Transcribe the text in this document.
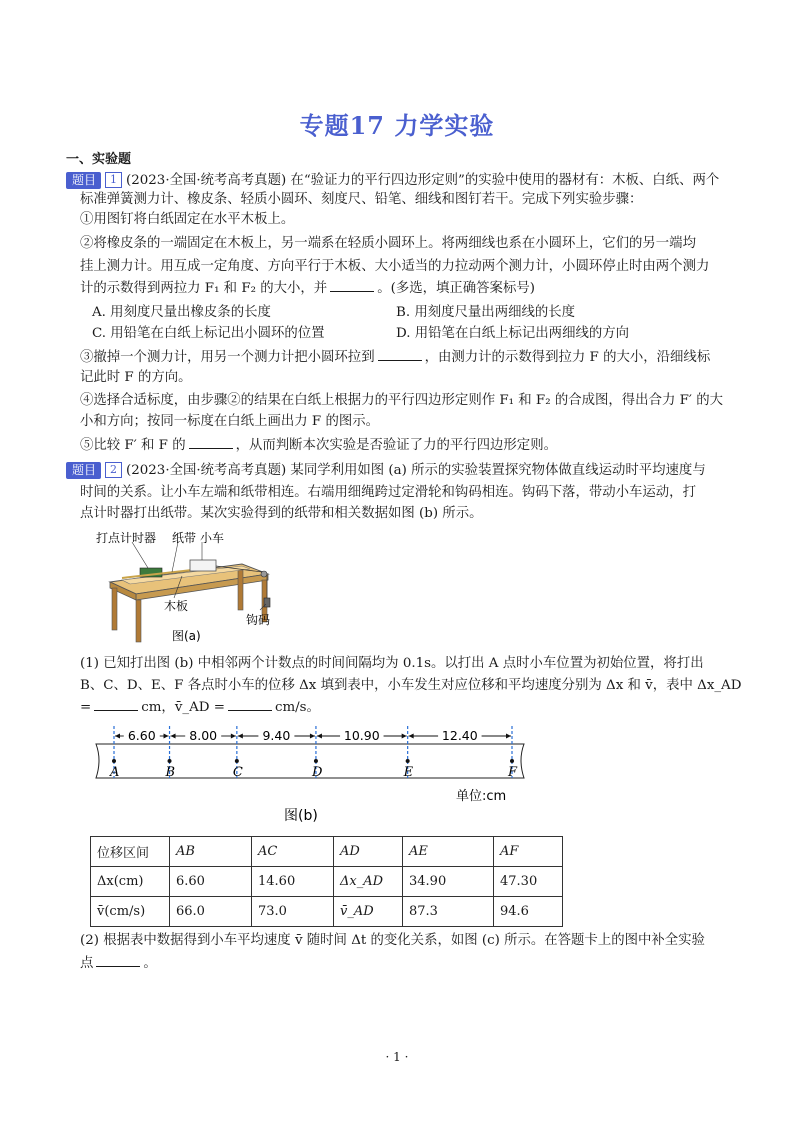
专题17 力学实验
一、实验题
题目 1 (2023·全国·统考高考真题) 在“验证力的平行四边形定则”的实验中使用的器材有：木板、白纸、两个
标准弹簧测力计、橡皮条、轻质小圆环、刻度尺、铅笔、细线和图钉若干。完成下列实验步骤：
①用图钉将白纸固定在水平木板上。
②将橡皮条的一端固定在木板上，另一端系在轻质小圆环上。将两细线也系在小圆环上，它们的另一端均
挂上测力计。用互成一定角度、方向平行于木板、大小适当的力拉动两个测力计，小圆环停止时由两个测力
计的示数得到两拉力 F₁ 和 F₂ 的大小，并	。(多选，填正确答案标号)
A. 用刻度尺量出橡皮条的长度	B. 用刻度尺量出两细线的长度
C. 用铅笔在白纸上标记出小圆环的位置	D. 用铅笔在白纸上标记出两细线的方向
③撤掉一个测力计，用另一个测力计把小圆环拉到	，由测力计的示数得到拉力 F 的大小，沿细线标
记此时 F 的方向。
④选择合适标度，由步骤②的结果在白纸上根据力的平行四边形定则作 F₁ 和 F₂ 的合成图，得出合力 F′ 的大
小和方向；按同一标度在白纸上画出力 F 的图示。
⑤比较 F′ 和 F 的	，从而判断本次实验是否验证了力的平行四边形定则。
题目 2 (2023·全国·统考高考真题) 某同学利用如图 (a) 所示的实验装置探究物体做直线运动时平均速度与
时间的关系。让小车左端和纸带相连。右端用细绳跨过定滑轮和钩码相连。钩码下落，带动小车运动，打
点计时器打出纸带。某次实验得到的纸带和相关数据如图 (b) 所示。
打点计时器 纸带 小车
木板
钩码
图(a)
(1) 已知打出图 (b) 中相邻两个计数点的时间间隔均为 0.1s。以打出 A 点时小车位置为初始位置，将打出
B、C、D、E、F 各点时小车的位移 Δx 填到表中，小车发生对应位移和平均速度分别为 Δx 和 v̄，表中 Δx_AD
=	cm，v̄_AD =	cm/s。
A	B	C	D	E	F
6.60	8.00	9.40	10.90	12.40
单位:cm
图(b)
位移区间	AB	AC	AD	AE	AF
Δx(cm)	6.60	14.60	Δx_AD	34.90	47.30
v̄(cm/s)	66.0	73.0	v̄_AD	87.3	94.6
(2) 根据表中数据得到小车平均速度 v̄ 随时间 Δt 的变化关系，如图 (c) 所示。在答题卡上的图中补全实验
点	。
· 1 ·
